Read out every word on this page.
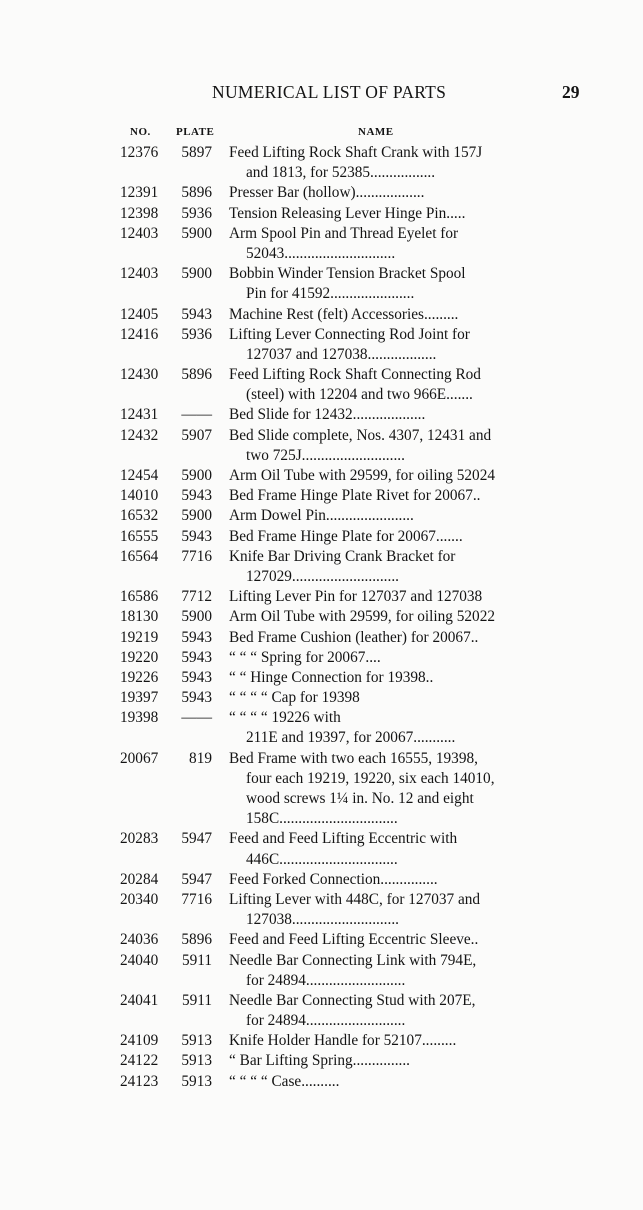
NUMERICAL LIST OF PARTS	29
NO. PLATE	NAME
12376	5897 Feed Lifting Rock Shaft Crank with 157J
and 1813, for 52385.................
12391	5896 Presser Bar (hollow)..................
12398	5936 Tension Releasing Lever Hinge Pin.....
12403	5900 Arm Spool Pin and Thread Eyelet for
52043.............................
12403	5900 Bobbin Winder Tension Bracket Spool
Pin for 41592......................
12405	5943 Machine Rest (felt) Accessories.........
12416	5936 Lifting Lever Connecting Rod Joint for
127037 and 127038..................
12430	5896 Feed Lifting Rock Shaft Connecting Rod
(steel) with 12204 and two 966E.......
12431	—— Bed Slide for 12432...................
12432	5907 Bed Slide complete, Nos. 4307, 12431 and
two 725J...........................
12454	5900 Arm Oil Tube with 29599, for oiling 52024
14010	5943 Bed Frame Hinge Plate Rivet for 20067..
16532	5900 Arm Dowel Pin.......................
16555	5943 Bed Frame Hinge Plate for 20067.......
16564	7716 Knife Bar Driving Crank Bracket for
127029............................
16586	7712 Lifting Lever Pin for 127037 and 127038
18130	5900 Arm Oil Tube with 29599, for oiling 52022
19219	5943 Bed Frame Cushion (leather) for 20067..
19220	5943 “ “ “ Spring for 20067....
19226	5943 “ “ Hinge Connection for 19398..
19397	5943 “ “ “ “ Cap for 19398
19398	—— “ “ “ “ 19226 with
211E and 19397, for 20067...........
20067	819 Bed Frame with two each 16555, 19398,
four each 19219, 19220, six each 14010,
wood screws 1¼ in. No. 12 and eight
158C...............................
20283	5947 Feed and Feed Lifting Eccentric with
446C...............................
20284	5947 Feed Forked Connection...............
20340	7716 Lifting Lever with 448C, for 127037 and
127038............................
24036	5896 Feed and Feed Lifting Eccentric Sleeve..
24040	5911 Needle Bar Connecting Link with 794E,
for 24894..........................
24041	5911 Needle Bar Connecting Stud with 207E,
for 24894..........................
24109	5913 Knife Holder Handle for 52107.........
24122	5913 “ Bar Lifting Spring...............
24123	5913 “ “ “ “ Case..........
